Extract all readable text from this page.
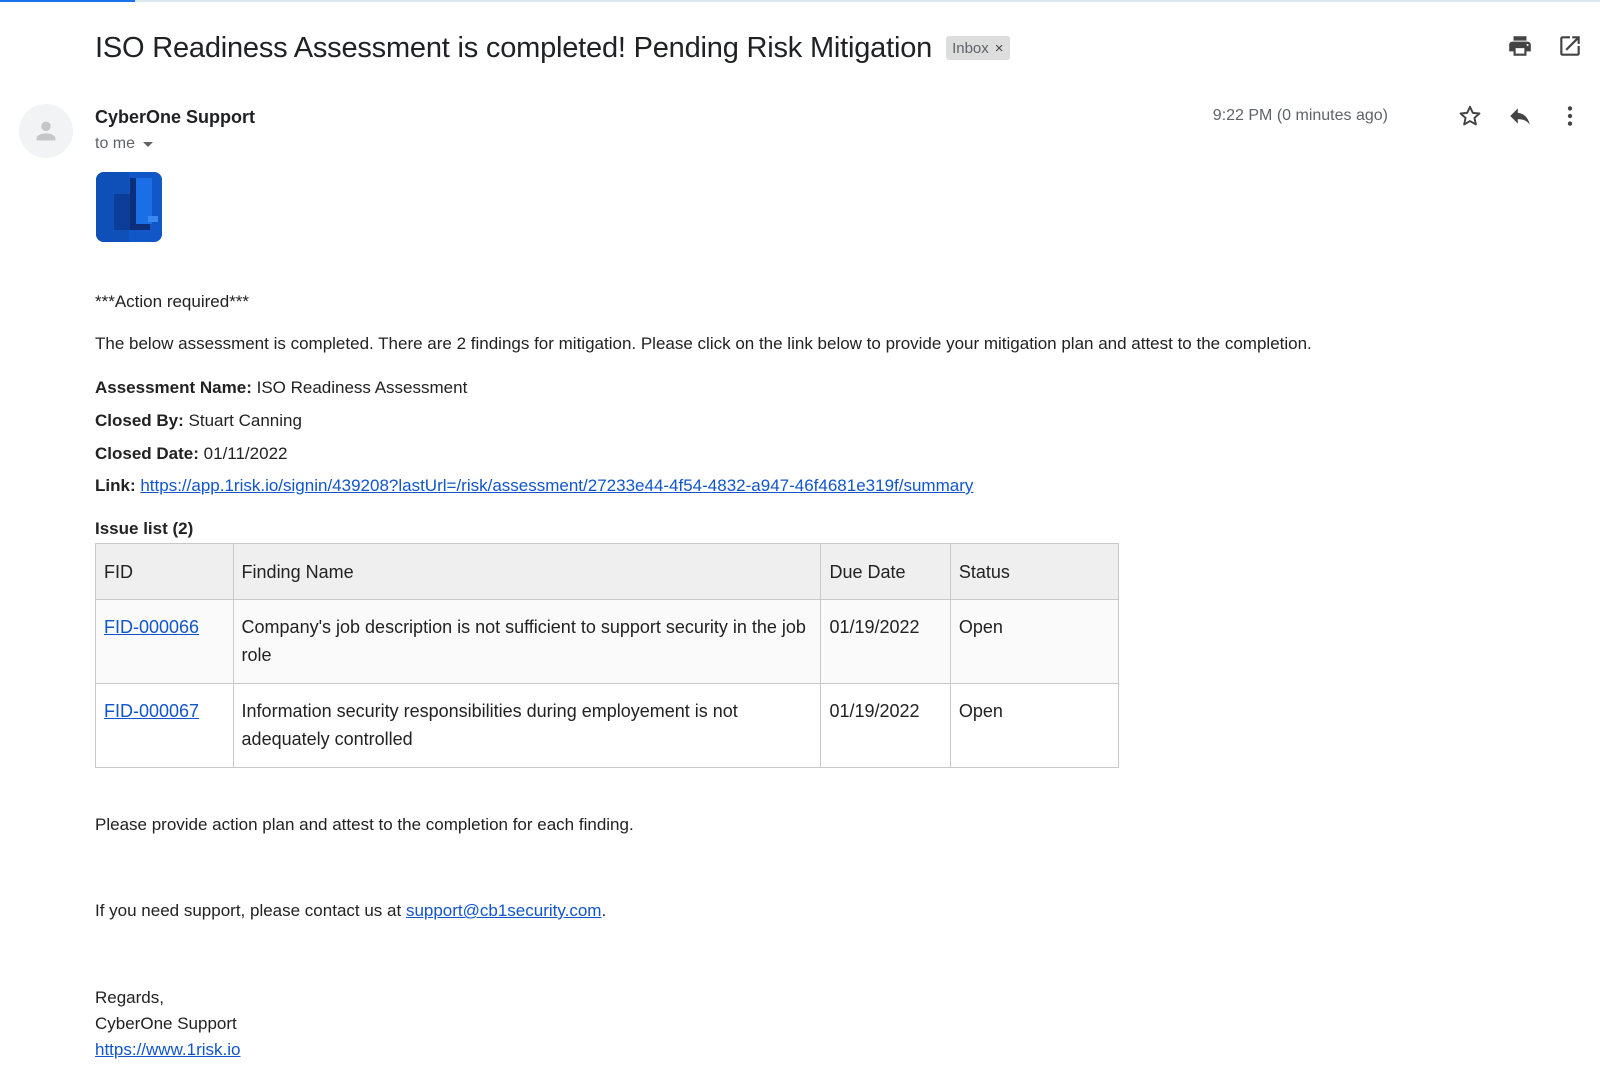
ISO Readiness Assessment is completed! Pending Risk Mitigation Inbox ×
CyberOne Support
to me
9:22 PM (0 minutes ago)

***Action required***

The below assessment is completed. There are 2 findings for mitigation. Please click on the link below to provide your mitigation plan and attest to the completion.

Assessment Name: ISO Readiness Assessment

Closed By: Stuart Canning

Closed Date: 01/11/2022

Link: https://app.1risk.io/signin/439208?lastUrl=/risk/assessment/27233e44-4f54-4832-a947-46f4681e319f/summary

Issue list (2)

FID	Finding Name	Due Date	Status
FID-000066	Company's job description is not sufficient to support security in the job role	01/19/2022	Open
FID-000067	Information security responsibilities during employement is not adequately controlled	01/19/2022	Open

Please provide action plan and attest to the completion for each finding.

If you need support, please contact us at support@cb1security.com.

Regards,
CyberOne Support
https://www.1risk.io
